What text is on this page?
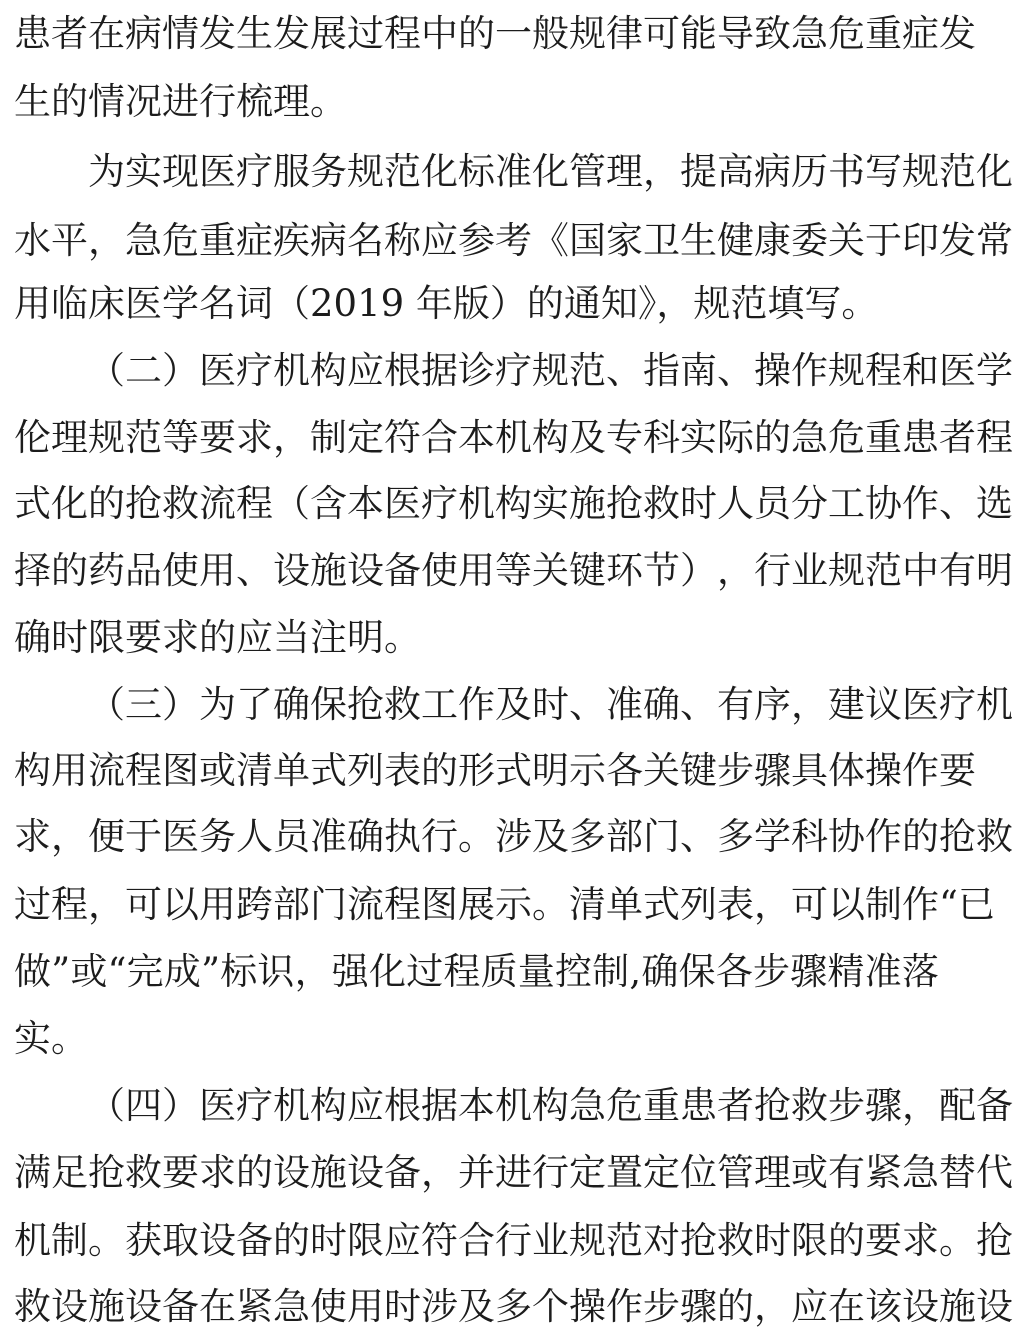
患 者 在 病 情 发 生 发 展 过 程 中 的 一 般 规 律 可 能 导 致 急 危 重 症 发
生的情况进行梳理。
为 实 现 医 疗 服 务 规 范 化 标 准 化 管 理 ， 提 高 病 历 书 写 规 范 化
水 平 ， 急 危 重 症 疾 病 名 称 应 参 考 《 国 家 卫 生 健 康 委 关 于 印 发 常
用临床医学名词（2019 年版）的通知》，规范填写。
（ 二 ） 医 疗 机 构 应 根 据 诊 疗 规 范 、 指 南 、 操 作 规 程 和 医 学
伦 理 规 范 等 要 求 ， 制 定 符 合 本 机 构 及 专 科 实 际 的 急 危 重 患 者 程
式 化 的 抢 救 流 程 （ 含 本 医 疗 机 构 实 施 抢 救 时 人 员 分 工 协 作 、 选
择 的 药 品 使 用 、 设 施 设 备 使 用 等 关 键 环 节 ） ， 行 业 规 范 中 有 明
确时限要求的应当注明。
（ 三 ） 为 了 确 保 抢 救 工 作 及 时 、 准 确 、 有 序 ， 建 议 医 疗 机
构 用 流 程 图 或 清 单 式 列 表 的 形 式 明 示 各 关 键 步 骤 具 体 操 作 要
求 ， 便 于 医 务 人 员 准 确 执 行 。 涉 及 多 部 门 、 多 学 科 协 作 的 抢 救
过 程 ， 可 以 用 跨 部 门 流 程 图 展 示 。 清 单 式 列 表 ， 可 以 制 作 “ 已
做 ” 或 “ 完 成 ” 标 识 ， 强 化 过 程 质 量 控 制 , 确 保 各 步 骤 精 准 落
实。
（ 四 ） 医 疗 机 构 应 根 据 本 机 构 急 危 重 患 者 抢 救 步 骤 ， 配 备
满 足 抢 救 要 求 的 设 施 设 备 ， 并 进 行 定 置 定 位 管 理 或 有 紧 急 替 代
机 制 。 获 取 设 备 的 时 限 应 符 合 行 业 规 范 对 抢 救 时 限 的 要 求 。 抢
救 设 施 设 备 在 紧 急 使 用 时 涉 及 多 个 操 作 步 骤 的 ， 应 在 该 设 施 设
